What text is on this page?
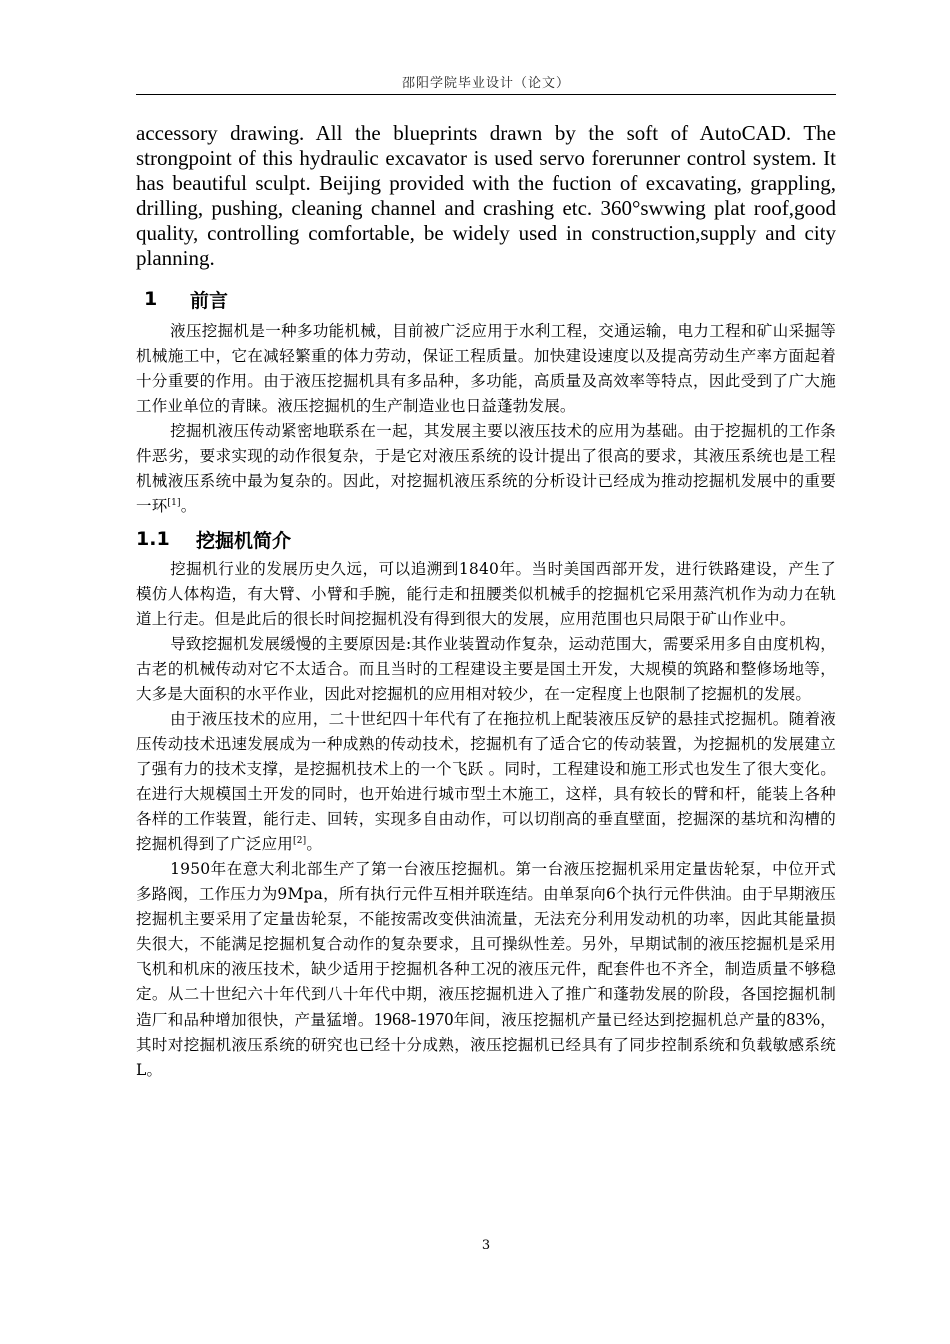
邵阳学院毕业设计（论文）

accessory drawing. All the blueprints drawn by the soft of AutoCAD. The strongpoint of this hydraulic excavator is used servo forerunner control system. It has beautiful sculpt. Beijing provided with the fuction of excavating, grappling, drilling, pushing, cleaning channel and crashing etc. 360°swwing plat roof,good quality, controlling comfortable, be widely used in construction,supply and city planning.

1	前言

液压挖掘机是一种多功能机械，目前被广泛应用于水利工程，交通运输，电力工程和矿山采掘等机械施工中，它在减轻繁重的体力劳动，保证工程质量。加快建设速度以及提高劳动生产率方面起着十分重要的作用。由于液压挖掘机具有多品种，多功能，高质量及高效率等特点，因此受到了广大施工作业单位的青睐。液压挖掘机的生产制造业也日益蓬勃发展。

挖掘机液压传动紧密地联系在一起，其发展主要以液压技术的应用为基础。由于挖掘机的工作条件恶劣，要求实现的动作很复杂，于是它对液压系统的设计提出了很高的要求，其液压系统也是工程机械液压系统中最为复杂的。因此，对挖掘机液压系统的分析设计已经成为推动挖掘机发展中的重要一环[1]。

1.1	挖掘机简介

挖掘机行业的发展历史久远，可以追溯到1840年。当时美国西部开发，进行铁路建设，产生了模仿人体构造，有大臂、小臂和手腕，能行走和扭腰类似机械手的挖掘机它采用蒸汽机作为动力在轨道上行走。但是此后的很长时间挖掘机没有得到很大的发展，应用范围也只局限于矿山作业中。

导致挖掘机发展缓慢的主要原因是:其作业装置动作复杂，运动范围大，需要采用多自由度机构，古老的机械传动对它不太适合。而且当时的工程建设主要是国土开发，大规模的筑路和整修场地等，大多是大面积的水平作业，因此对挖掘机的应用相对较少，在一定程度上也限制了挖掘机的发展。

由于液压技术的应用，二十世纪四十年代有了在拖拉机上配装液压反铲的悬挂式挖掘机。随着液压传动技术迅速发展成为一种成熟的传动技术，挖掘机有了适合它的传动装置，为挖掘机的发展建立了强有力的技术支撑，是挖掘机技术上的一个飞跃 。同时，工程建设和施工形式也发生了很大变化。在进行大规模国土开发的同时，也开始进行城市型土木施工，这样，具有较长的臂和杆，能装上各种各样的工作装置，能行走、回转，实现多自由动作，可以切削高的垂直壁面，挖掘深的基坑和沟槽的挖掘机得到了广泛应用[2]。

1950年在意大利北部生产了第一台液压挖掘机。第一台液压挖掘机采用定量齿轮泵，中位开式多路阀，工作压力为9Mpa，所有执行元件互相并联连结。由单泵向6个执行元件供油。由于早期液压挖掘机主要采用了定量齿轮泵，不能按需改变供油流量，无法充分利用发动机的功率，因此其能量损失很大，不能满足挖掘机复合动作的复杂要求，且可操纵性差。另外，早期试制的液压挖掘机是采用飞机和机床的液压技术，缺少适用于挖掘机各种工况的液压元件，配套件也不齐全，制造质量不够稳定。从二十世纪六十年代到八十年代中期，液压挖掘机进入了推广和蓬勃发展的阶段，各国挖掘机制造厂和品种增加很快，产量猛增。1968-1970年间，液压挖掘机产量已经达到挖掘机总产量的83%，其时对挖掘机液压系统的研究也已经十分成熟，液压挖掘机已经具有了同步控制系统和负载敏感系统L。

3
